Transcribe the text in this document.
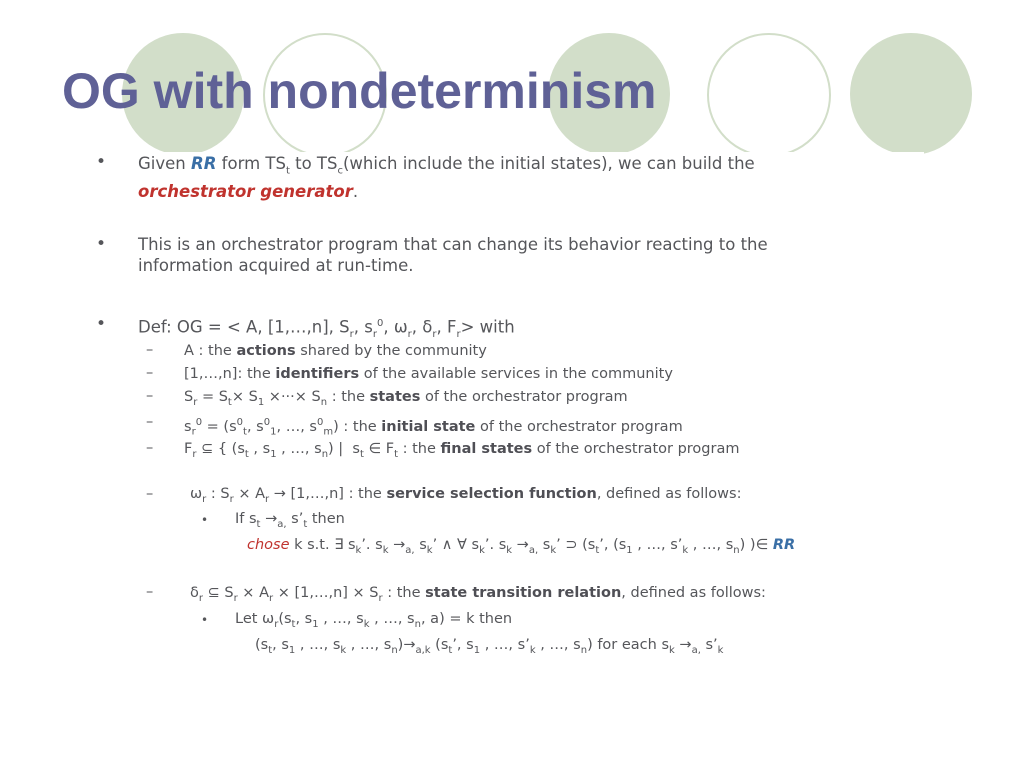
OG with nondeterminism
• Given RR form $TS_t$ to $TS_c(which$ include the initial states), we can build the
orchestrator generator.
• This is an orchestrator program that can change its behavior reacting to the
information acquired at run-time.
• Def: OG = < A, [1,…,n], $S_r$, $s_r^0$, $\omega_r$, $\delta_r$, $F_r>$ with
– A : the actions shared by the community
– [1,…,n]: the identifiers of the available services in the community
– $S_r = S_t\times S_1$ ×···× $S_n$ : the states of the orchestrator program
– $s_r^0 = (s^0_t$, $s^0_1$, …, $s^0_m$) : the initial state of the orchestrator program
– $F_r$ ⊆ { ($s_t$ , $s_1$ , …, $s_n$) |  $s_t$ ∈ $F_t$ : the final states of the orchestrator program
–	$\omega_r$ : $S_r \times A_r$ → [1,…,n] : the service selection function, defined as follows:
• If $s_t \to_{a,}$ $s’_t$ then
chose k s.t. ∃ $s_k$’. $s_k \to_{a,}$ $s_k$’ ∧ ∀ $s_k$’. $s_k \to_{a,}$ $s_k$’ ⊃ ($s_t$’, ($s_1$ , …, $s’_k$ , …, $s_n$) )∈ RR
–	$\delta_r$ ⊆ $S_r \times A_r$ × [1,…,n] × $S_r$ : the state transition relation, defined as follows:
• Let $\omega_r(s_t$, $s_1$ , …, $s_k$ , …, $s_n$, a) = k then
($s_t$, $s_1$ , …, $s_k$ , …, $s_n)\to_{a,k}$ ($s_t$’, $s_1$ , …, $s’_k$ , …, $s_n$) for each $s_k \to_{a,}$ $s’_k$
